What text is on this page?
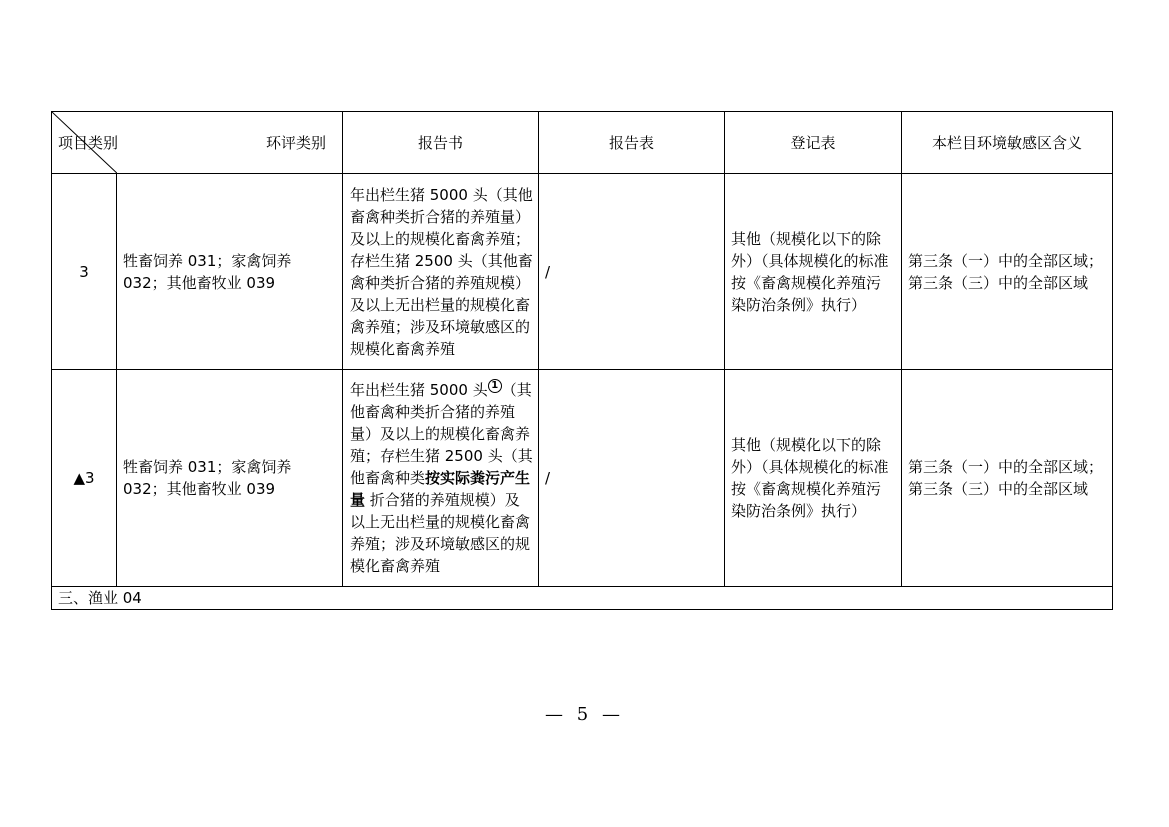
项目类别 环评类别		报告书	报告表	登记表	本栏目环境敏感区含义
3	牲畜饲养 031；家禽饲养 032；其他畜牧业 039	年出栏生猪 5000 头（其他畜禽种类折合猪的养殖量）及以上的规模化畜禽养殖；存栏生猪 2500 头（其他畜禽种类折合猪的养殖规模）及以上无出栏量的规模化畜禽养殖；涉及环境敏感区的规模化畜禽养殖	/	其他（规模化以下的除外）（具体规模化的标准按《畜禽规模化养殖污染防治条例》执行）	第三条（一）中的全部区域；第三条（三）中的全部区域
▲3	牲畜饲养 031；家禽饲养 032；其他畜牧业 039	年出栏生猪 5000 头 1 （其他畜禽种类折合猪的养殖量）及以上的规模化畜禽养殖；存栏生猪 2500 头（其他畜禽种类按实际粪污产生量 折合猪的养殖规模）及以上无出栏量的规模化畜禽养殖；涉及环境敏感区的规模化畜禽养殖	/	其他（规模化以下的除外）（具体规模化的标准按《畜禽规模化养殖污染防治条例》执行）	第三条（一）中的全部区域；第三条（三）中的全部区域
三、渔业 04					
— 5 —
